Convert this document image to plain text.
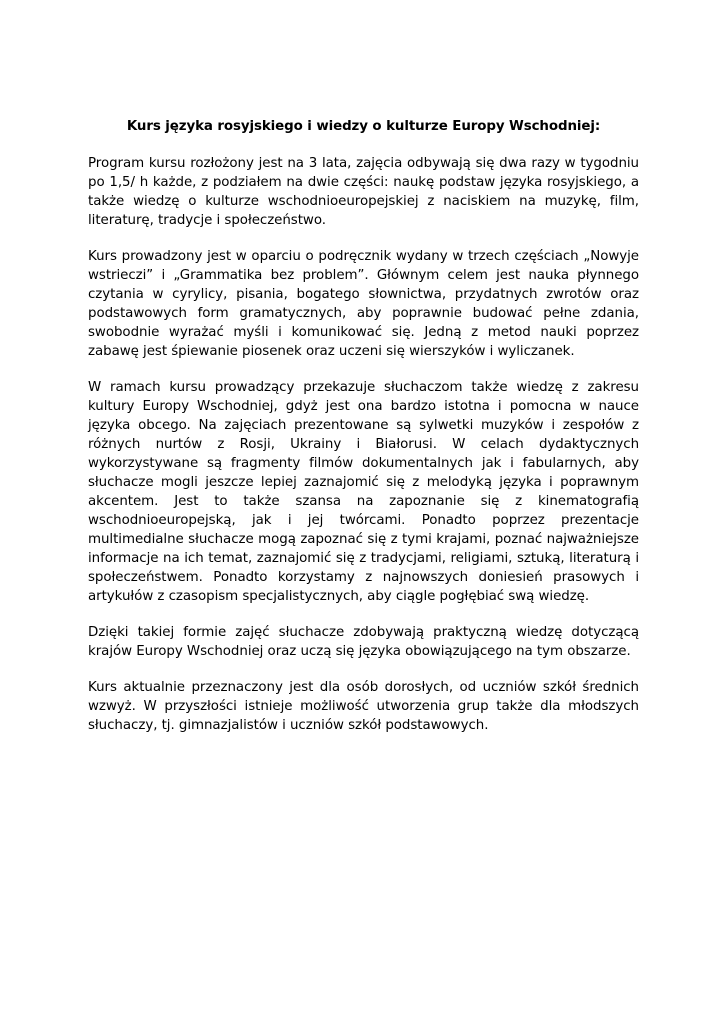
Kurs języka rosyjskiego i wiedzy o kulturze Europy Wschodniej:

Program kursu rozłożony jest na 3 lata, zajęcia odbywają się dwa razy w tygodniu po 1,5/ h każde, z podziałem na dwie części: naukę podstaw języka rosyjskiego, a także wiedzę o kulturze wschodnioeuropejskiej z naciskiem na muzykę, film, literaturę, tradycje i społeczeństwo.

Kurs prowadzony jest w oparciu o podręcznik wydany w trzech częściach „Nowyje wstrieczi” i „Grammatika bez problem”. Głównym celem jest nauka płynnego czytania w cyrylicy, pisania, bogatego słownictwa, przydatnych zwrotów oraz podstawowych form gramatycznych, aby poprawnie budować pełne zdania, swobodnie wyrażać myśli i komunikować się. Jedną z metod nauki poprzez zabawę jest śpiewanie piosenek oraz uczeni się wierszyków i wyliczanek.

W ramach kursu prowadzący przekazuje słuchaczom także wiedzę z zakresu kultury Europy Wschodniej, gdyż jest ona bardzo istotna i pomocna w nauce języka obcego. Na zajęciach prezentowane są sylwetki muzyków i zespołów z różnych nurtów z Rosji, Ukrainy i Białorusi. W celach dydaktycznych wykorzystywane są fragmenty filmów dokumentalnych jak i fabularnych, aby słuchacze mogli jeszcze lepiej zaznajomić się z melodyką języka i poprawnym akcentem. Jest to także szansa na zapoznanie się z kinematografią wschodnioeuropejską, jak i jej twórcami. Ponadto poprzez prezentacje multimedialne słuchacze mogą zapoznać się z tymi krajami, poznać najważniejsze informacje na ich temat, zaznajomić się z tradycjami, religiami, sztuką, literaturą i społeczeństwem. Ponadto korzystamy z najnowszych doniesień prasowych i artykułów z czasopism specjalistycznych, aby ciągle pogłębiać swą wiedzę.

Dzięki takiej formie zajęć słuchacze zdobywają praktyczną wiedzę dotyczącą krajów Europy Wschodniej oraz uczą się języka obowiązującego na tym obszarze.

Kurs aktualnie przeznaczony jest dla osób dorosłych, od uczniów szkół średnich wzwyż. W przyszłości istnieje możliwość utworzenia grup także dla młodszych słuchaczy, tj. gimnazjalistów i uczniów szkół podstawowych.
